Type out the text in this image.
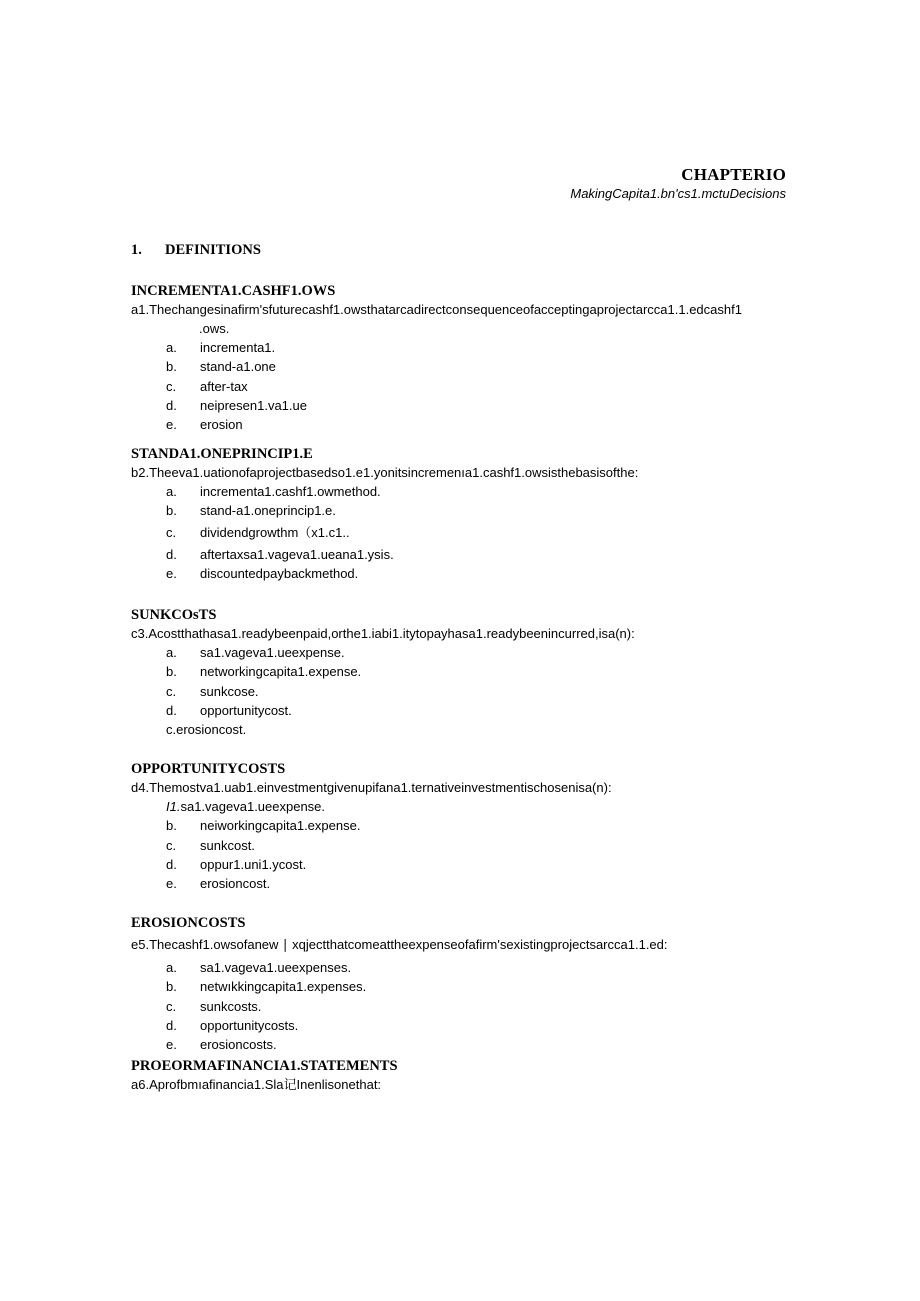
CHAPTERIO
MakingCapita1.bn'cs1.mctuDecisions
1. DEFINITIONS
INCREMENTA1.CASHF1.OWS
a1.Thechangesinafirm'sfuturecashf1.owsthatarcadirectconsequenceofacceptingaprojectarcca1.1.edcashf1
.ows.
a.	incrementa1.
b.	stand-a1.one
c.	after-tax
d.	neipresen1.va1.ue
e.	erosion
STANDA1.ONEPRINCIP1.E
b2.Theeva1.uationofaprojectbasedso1.e1.yonitsincremenıa1.cashf1.owsisthebasisofthe:
a.	incrementa1.cashf1.owmethod.
b.	stand-a1.oneprincip1.e.
c.	dividendgrowthm（x1.c1..
d.	aftertaxsa1.vageva1.ueana1.ysis.
e.	discountedpaybackmethod.
SUNKCOsTS
c3.Acostthathasa1.readybeenpaid,orthe1.iabi1.itytopayhasa1.readybeenincurred,isa(n):
a.	sa1.vageva1.ueexpense.
b.	networkingcapita1.expense.
c.	sunkcose.
d.	opportunitycost.
c.erosioncost.
OPPORTUNITYCOSTS
d4.Themostva1.uab1.einvestmentgivenupifana1.ternativeinvestmentischosenisa(n):
I1. sa1.vageva1.ueexpense.
b.	neiworkingcapita1.expense.
c.	sunkcost.
d.	oppur1.uni1.ycost.
e.	erosioncost.
EROSIONCOSTS
e5.Thecashf1.owsofanew ∣ xqjectthatcomeattheexpenseofafirm'sexistingprojectsarcca1.1.ed:
a.	sa1.vageva1.ueexpenses.
b.	netwıkkingcapita1.expenses.
c.	sunkcosts.
d.	opportunitycosts.
e.	erosioncosts.
PROEORMAFINANCIA1.STATEMENTS
a6.Aprofbmıafinancia1.Sla记Inenlisonethat:
